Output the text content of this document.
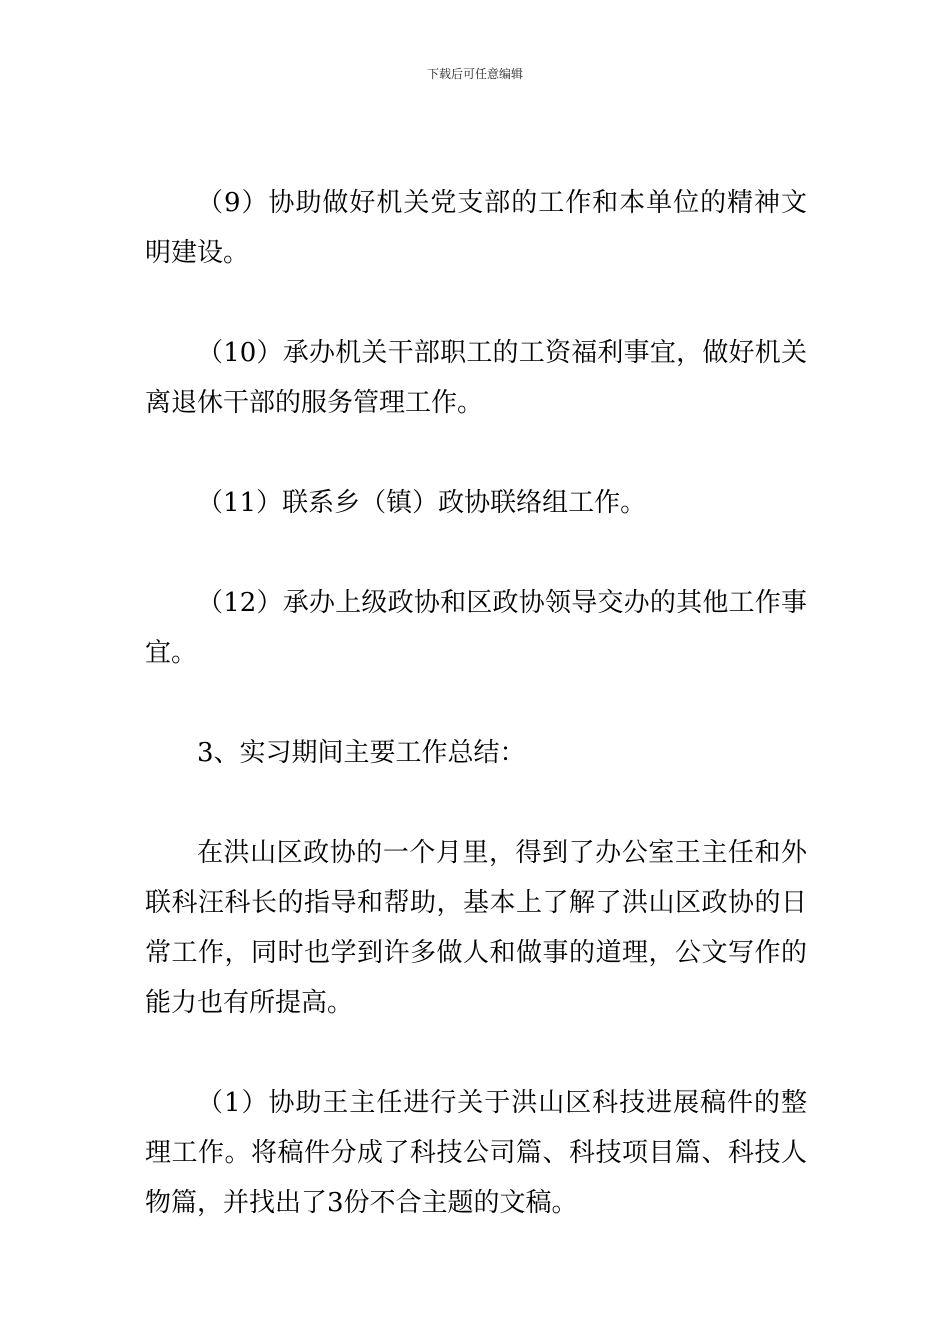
下载后可任意编辑

（9）协助做好机关党支部的工作和本单位的精神文明建设。

（10）承办机关干部职工的工资福利事宜，做好机关离退休干部的服务管理工作。

（11）联系乡（镇）政协联络组工作。

（12）承办上级政协和区政协领导交办的其他工作事宜。

3、实习期间主要工作总结：

在洪山区政协的一个月里，得到了办公室王主任和外联科汪科长的指导和帮助，基本上了解了洪山区政协的日常工作，同时也学到许多做人和做事的道理，公文写作的能力也有所提高。

（1）协助王主任进行关于洪山区科技进展稿件的整理工作。将稿件分成了科技公司篇、科技项目篇、科技人物篇，并找出了3份不合主题的文稿。
